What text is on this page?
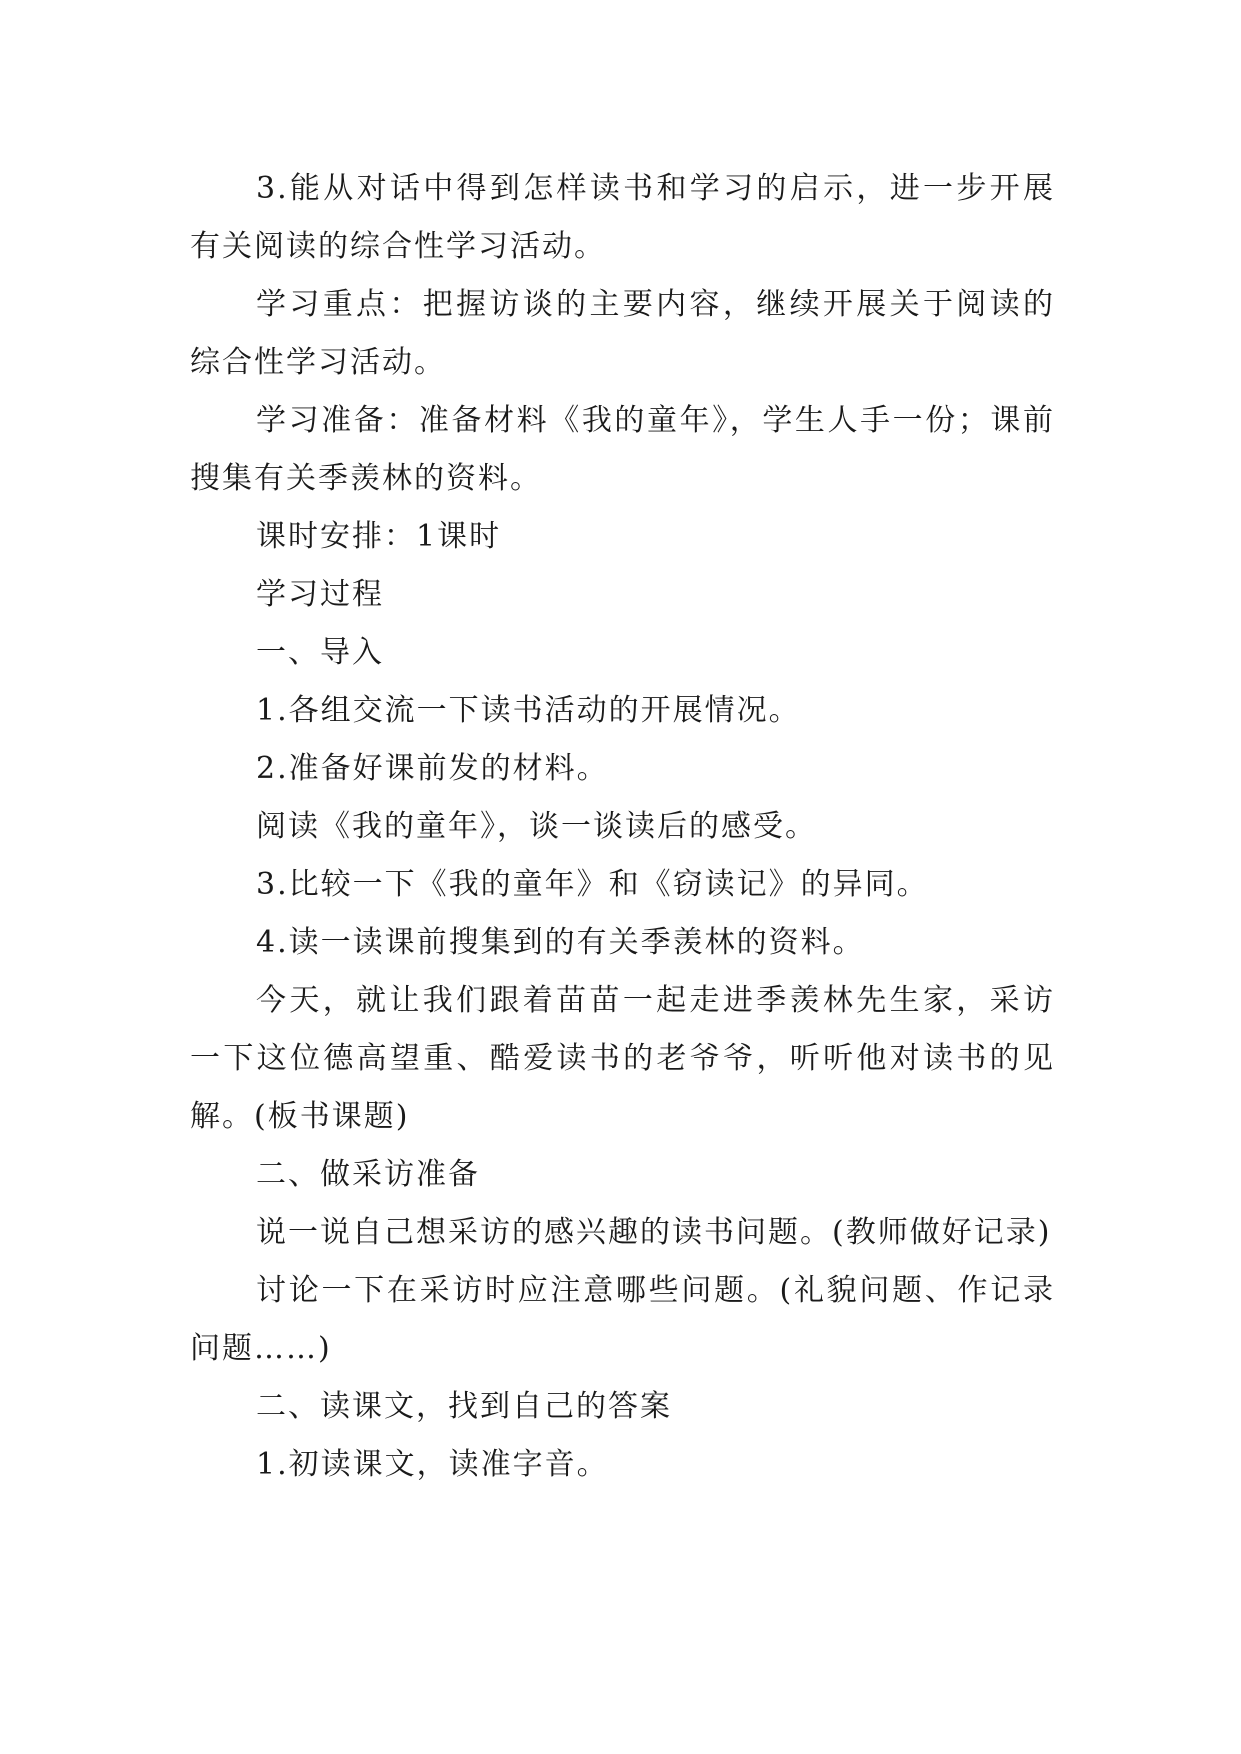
3.能从对话中得到怎样读书和学习的启示，进一步开展有关阅读的综合性学习活动。

学习重点：把握访谈的主要内容，继续开展关于阅读的综合性学习活动。

学习准备：准备材料《我的童年》，学生人手一份；课前搜集有关季羡林的资料。

课时安排：1课时

学习过程

一、导入

1.各组交流一下读书活动的开展情况。

2.准备好课前发的材料。

阅读《我的童年》，谈一谈读后的感受。

3.比较一下《我的童年》和《窃读记》的异同。

4.读一读课前搜集到的有关季羡林的资料。

今天，就让我们跟着苗苗一起走进季羡林先生家，采访一下这位德高望重、酷爱读书的老爷爷，听听他对读书的见解。(板书课题)

二、做采访准备

说一说自己想采访的感兴趣的读书问题。(教师做好记录)

讨论一下在采访时应注意哪些问题。(礼貌问题、作记录问题……)

二、读课文，找到自己的答案

1.初读课文，读准字音。
